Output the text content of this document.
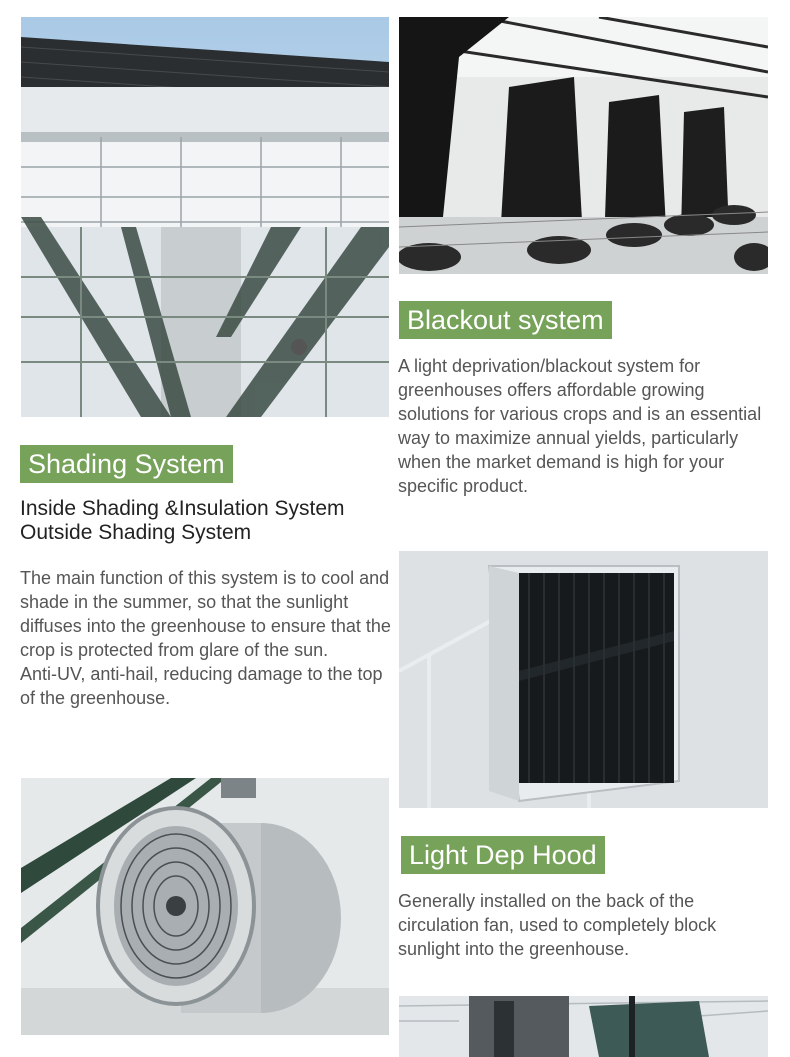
Blackout system

A light deprivation/blackout system for greenhouses offers affordable growing solutions for various crops and is an essential way to maximize annual yields, particularly when the market demand is high for your specific product.

Shading System
Inside Shading &Insulation System
Outside Shading System

The main function of this system is to cool and shade in the summer, so that the sunlight diffuses into the greenhouse to ensure that the crop is protected from glare of the sun.

Anti-UV, anti-hail, reducing damage to the top of the greenhouse.

Light Dep Hood

Generally installed on the back of the circulation fan, used to completely block sunlight into the greenhouse.
